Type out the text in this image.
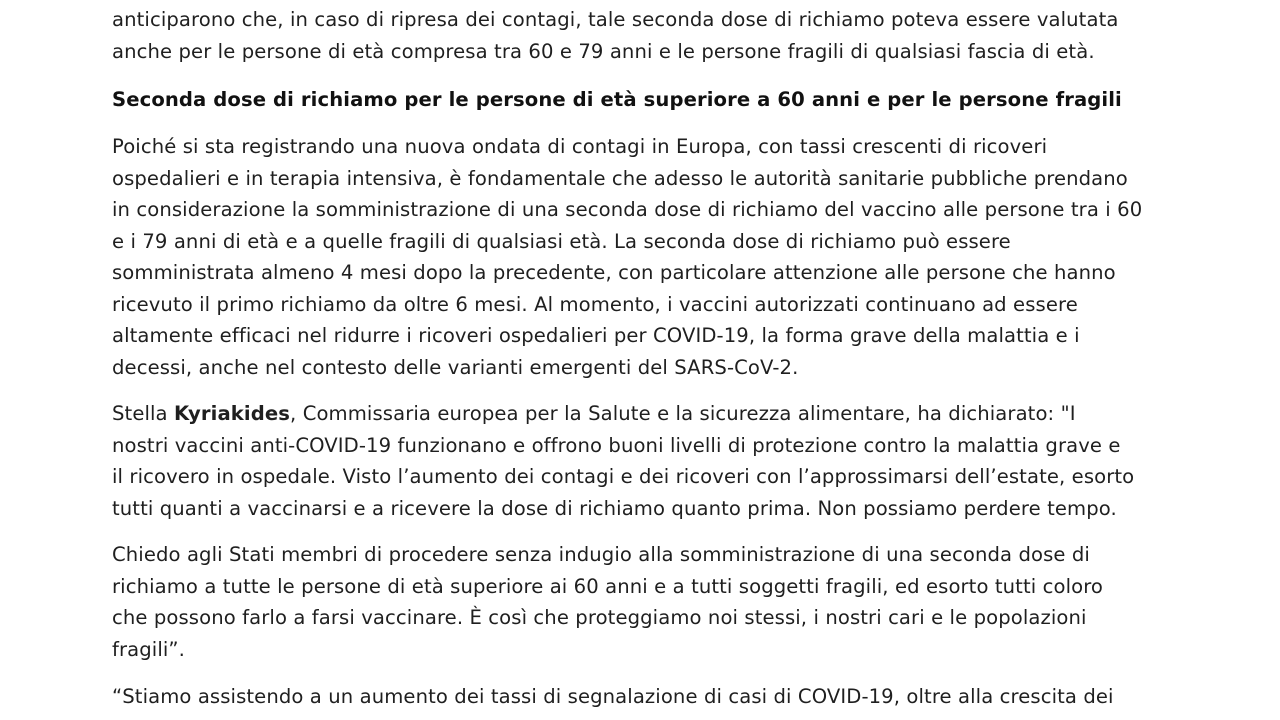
anticiparono che, in caso di ripresa dei contagi, tale seconda dose di richiamo poteva essere valutata
anche per le persone di età compresa tra 60 e 79 anni e le persone fragili di qualsiasi fascia di età.

Seconda dose di richiamo per le persone di età superiore a 60 anni e per le persone fragili

Poiché si sta registrando una nuova ondata di contagi in Europa, con tassi crescenti di ricoveri
ospedalieri e in terapia intensiva, è fondamentale che adesso le autorità sanitarie pubbliche prendano
in considerazione la somministrazione di una seconda dose di richiamo del vaccino alle persone tra i 60
e i 79 anni di età e a quelle fragili di qualsiasi età. La seconda dose di richiamo può essere
somministrata almeno 4 mesi dopo la precedente, con particolare attenzione alle persone che hanno
ricevuto il primo richiamo da oltre 6 mesi. Al momento, i vaccini autorizzati continuano ad essere
altamente efficaci nel ridurre i ricoveri ospedalieri per COVID-19, la forma grave della malattia e i
decessi, anche nel contesto delle varianti emergenti del SARS-CoV-2.

Stella Kyriakides, Commissaria europea per la Salute e la sicurezza alimentare, ha dichiarato: "I
nostri vaccini anti-COVID-19 funzionano e offrono buoni livelli di protezione contro la malattia grave e
il ricovero in ospedale. Visto l’aumento dei contagi e dei ricoveri con l’approssimarsi dell’estate, esorto
tutti quanti a vaccinarsi e a ricevere la dose di richiamo quanto prima. Non possiamo perdere tempo.

Chiedo agli Stati membri di procedere senza indugio alla somministrazione di una seconda dose di
richiamo a tutte le persone di età superiore ai 60 anni e a tutti soggetti fragili, ed esorto tutti coloro
che possono farlo a farsi vaccinare. È così che proteggiamo noi stessi, i nostri cari e le popolazioni
fragili”.

“Stiamo assistendo a un aumento dei tassi di segnalazione di casi di COVID-19, oltre alla crescita dei
